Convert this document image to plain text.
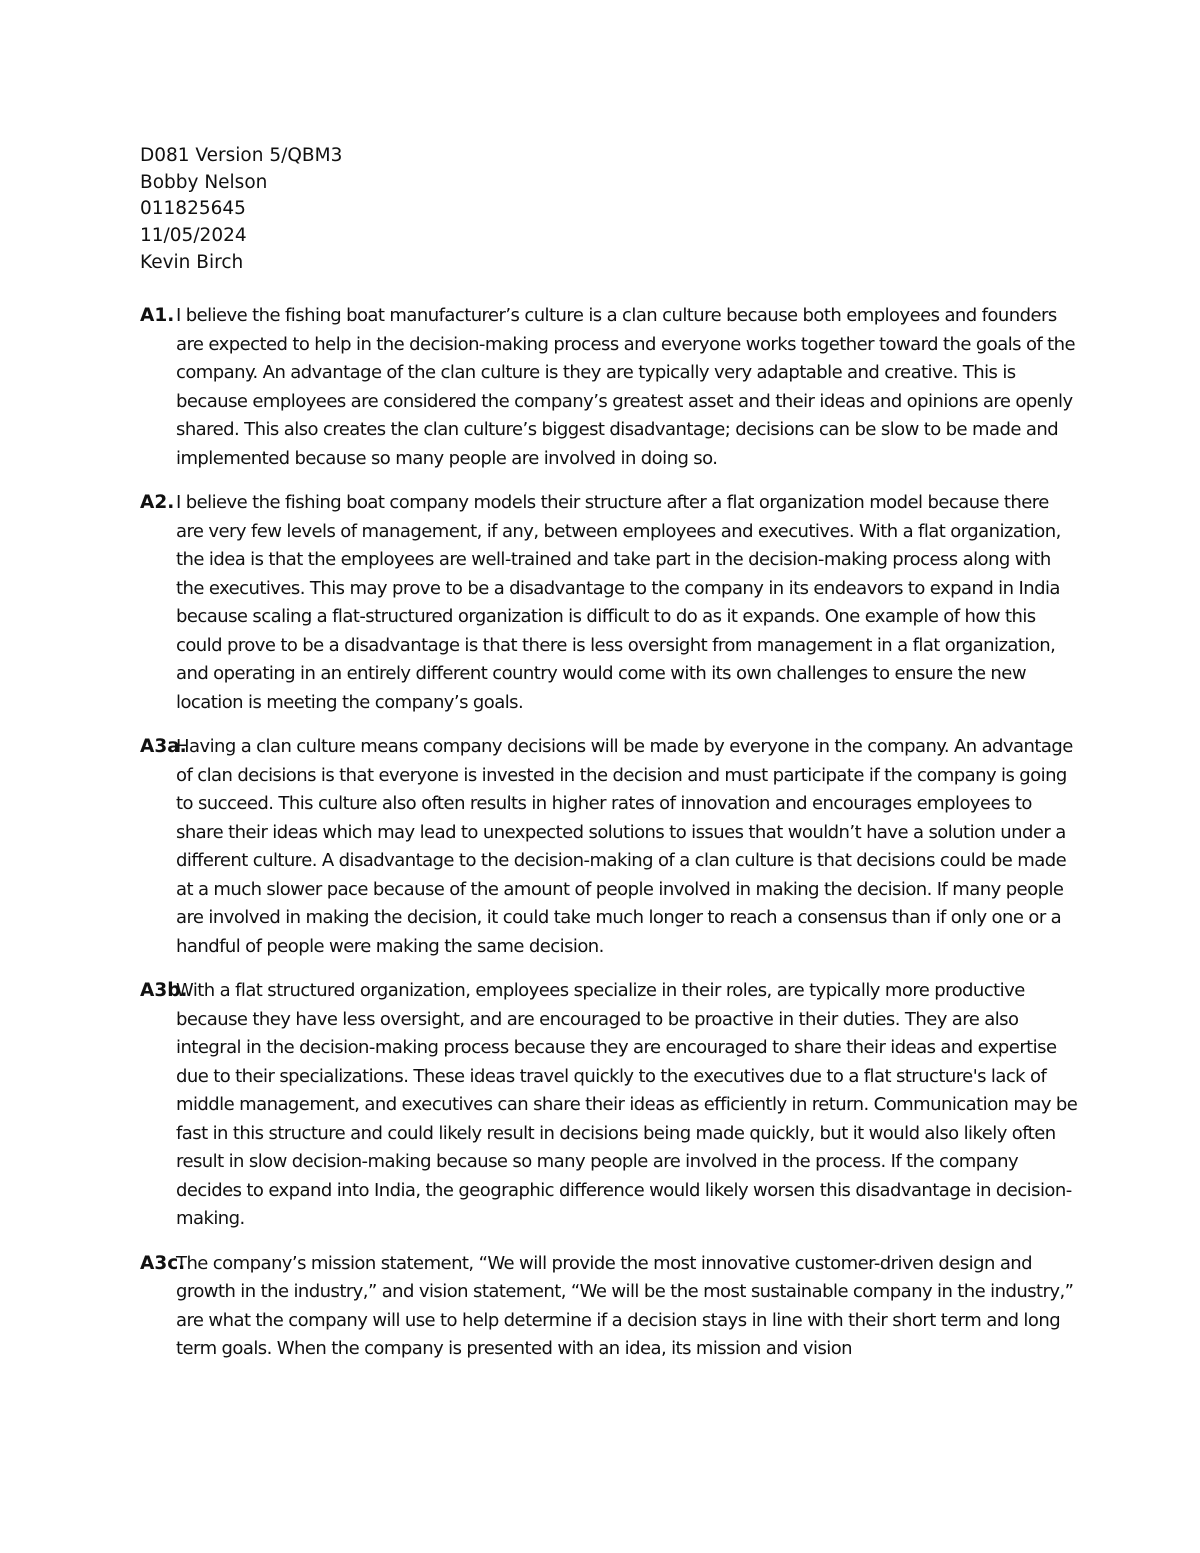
D081 Version 5/QBM3
Bobby Nelson
011825645
11/05/2024
Kevin Birch
A1. I believe the fishing boat manufacturer’s culture is a clan culture because both employees and founders are expected to help in the decision-making process and everyone works together toward the goals of the company. An advantage of the clan culture is they are typically very adaptable and creative. This is because employees are considered the company’s greatest asset and their ideas and opinions are openly shared. This also creates the clan culture’s biggest disadvantage; decisions can be slow to be made and implemented because so many people are involved in doing so.
A2. I believe the fishing boat company models their structure after a flat organization model because there are very few levels of management, if any, between employees and executives. With a flat organization, the idea is that the employees are well-trained and take part in the decision-making process along with the executives. This may prove to be a disadvantage to the company in its endeavors to expand in India because scaling a flat-structured organization is difficult to do as it expands. One example of how this could prove to be a disadvantage is that there is less oversight from management in a flat organization, and operating in an entirely different country would come with its own challenges to ensure the new location is meeting the company’s goals.
A3a.
Having a clan culture means company decisions will be made by everyone in the company. An advantage of clan decisions is that everyone is invested in the decision and must participate if the company is going to succeed. This culture also often results in higher rates of innovation and encourages employees to share their ideas which may lead to unexpected solutions to issues that wouldn’t have a solution under a different culture. A disadvantage to the decision-making of a clan culture is that decisions could be made at a much slower pace because of the amount of people involved in making the decision. If many people are involved in making the decision, it could take much longer to reach a consensus than if only one or a handful of people were making the same decision.
A3b.
With a flat structured organization, employees specialize in their roles, are typically more productive because they have less oversight, and are encouraged to be proactive in their duties. They are also integral in the decision-making process because they are encouraged to share their ideas and expertise due to their specializations. These ideas travel quickly to the executives due to a flat structure's lack of middle management, and executives can share their ideas as efficiently in return. Communication may be fast in this structure and could likely result in decisions being made quickly, but it would also likely often result in slow decision-making because so many people are involved in the process. If the company decides to expand into India, the geographic difference would likely worsen this disadvantage in decision-making.
A3c.
The company’s mission statement, “We will provide the most innovative customer-driven design and growth in the industry,” and vision statement, “We will be the most sustainable company in the industry,” are what the company will use to help determine if a decision stays in line with their short term and long term goals. When the company is presented with an idea, its mission and vision
